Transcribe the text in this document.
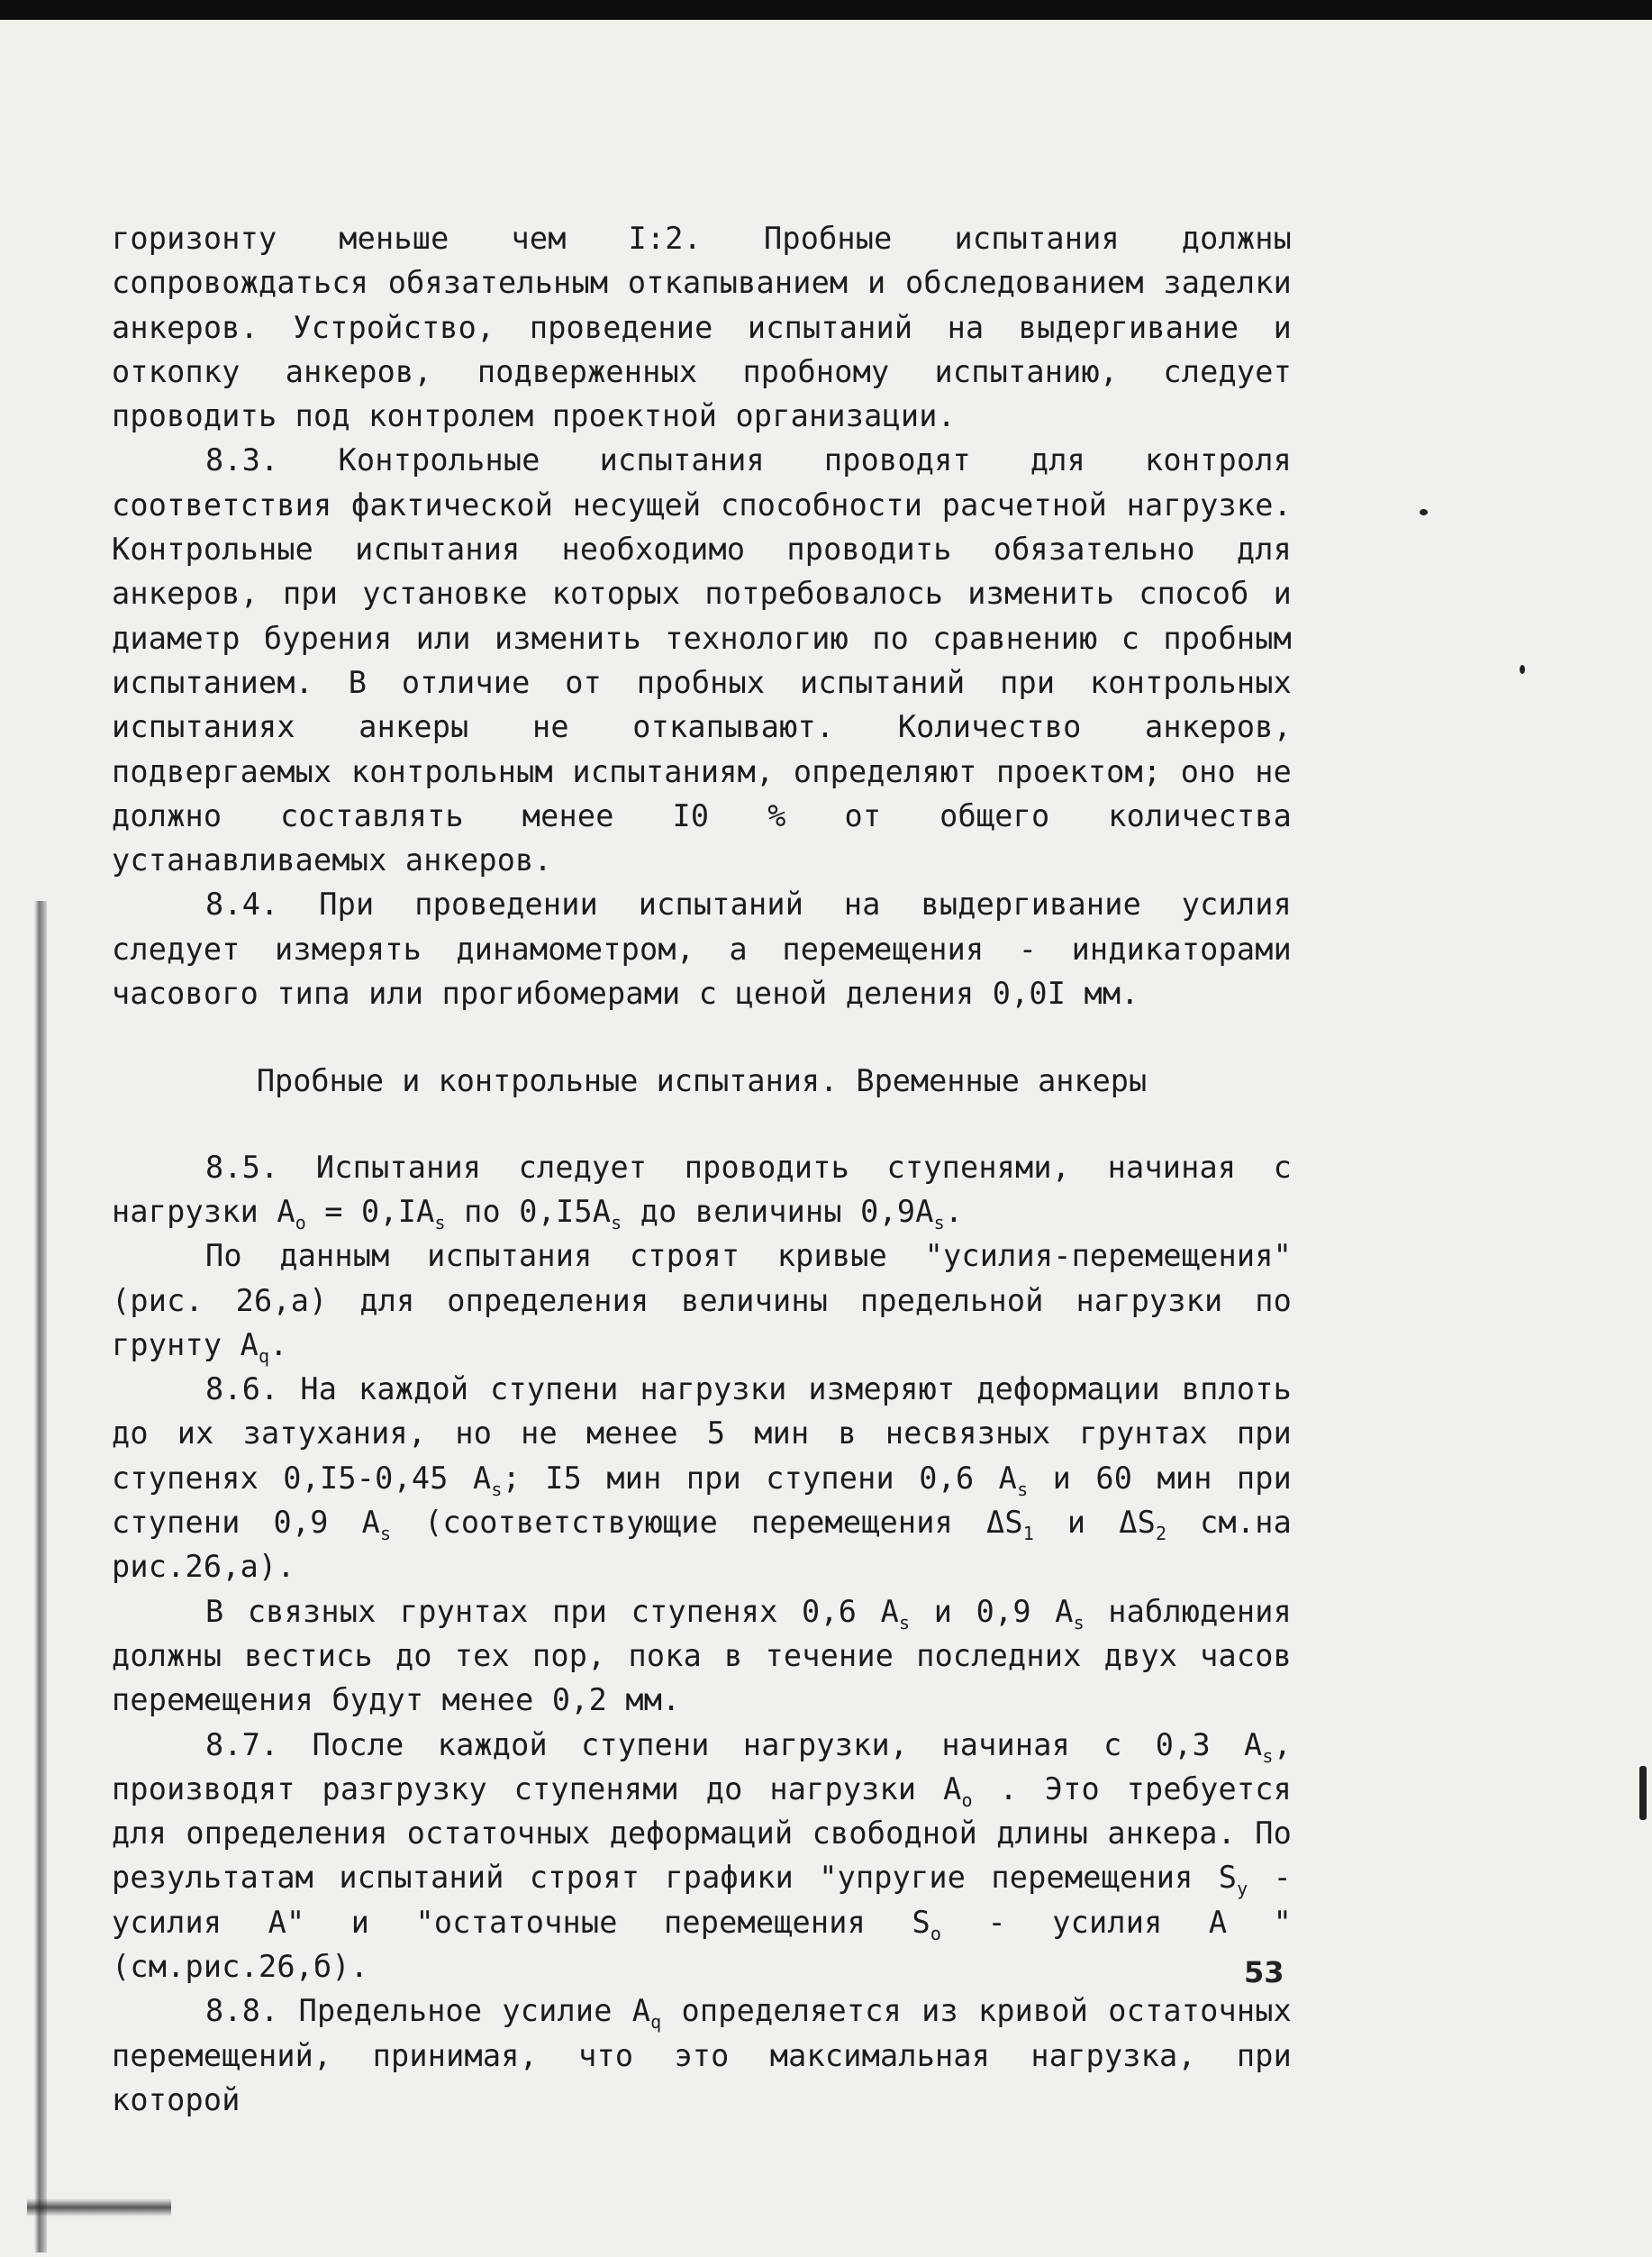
горизонту меньше чем I:2. Пробные испытания должны сопровождаться обязательным откапыванием и обследованием заделки анкеров. Устройство, проведение испытаний на выдергивание и откопку анкеров, подверженных пробному испытанию, следует проводить под контролем проектной организации.

8.3. Контрольные испытания проводят для контроля соответствия фактической несущей способности расчетной нагрузке. Контрольные испытания необходимо проводить обязательно для анкеров, при установке которых потребовалось изменить способ и диаметр бурения или изменить технологию по сравнению с пробным испытанием. В отличие от пробных испытаний при контрольных испытаниях анкеры не откапывают. Количество анкеров, подвергаемых контрольным испытаниям, определяют проектом; оно не должно составлять менее I0 % от общего количества устанавливаемых анкеров.

8.4. При проведении испытаний на выдергивание усилия следует измерять динамометром, а перемещения - индикаторами часового типа или прогибомерами с ценой деления 0,0I мм.

Пробные и контрольные испытания. Временные анкеры

8.5. Испытания следует проводить ступенями, начиная с нагрузки $А_o = 0,IА_s$ по $0,I5А_s$ до величины $0,9А_s$.

По данным испытания строят кривые "усилия-перемещения" (рис. 26,а) для определения величины предельной нагрузки по грунту $А_q$.

8.6. На каждой ступени нагрузки измеряют деформации вплоть до их затухания, но не менее 5 мин в несвязных грунтах при ступенях 0,I5-0,45 $А_s$; I5 мин при ступени 0,6 $А_s$ и 60 мин при ступени 0,9 $А_s$ (соответствующие перемещения $\Delta S_1$ и $\Delta S_2$ см.на рис.26,а).

В связных грунтах при ступенях 0,6 $А_s$ и 0,9 $А_s$ наблюдения должны вестись до тех пор, пока в течение последних двух часов перемещения будут менее 0,2 мм.

8.7. После каждой ступени нагрузки, начиная с 0,3 $А_s$, производят разгрузку ступенями до нагрузки $А_o$ . Это требуется для определения остаточных деформаций свободной длины анкера. По результатам испытаний строят графики "упругие перемещения $S_y$ - усилия А" и "остаточные перемещения $S_o$ - усилия А " (см.рис.26,б).

8.8. Предельное усилие $А_q$ определяется из кривой остаточных перемещений, принимая, что это максимальная нагрузка, при которой

53
